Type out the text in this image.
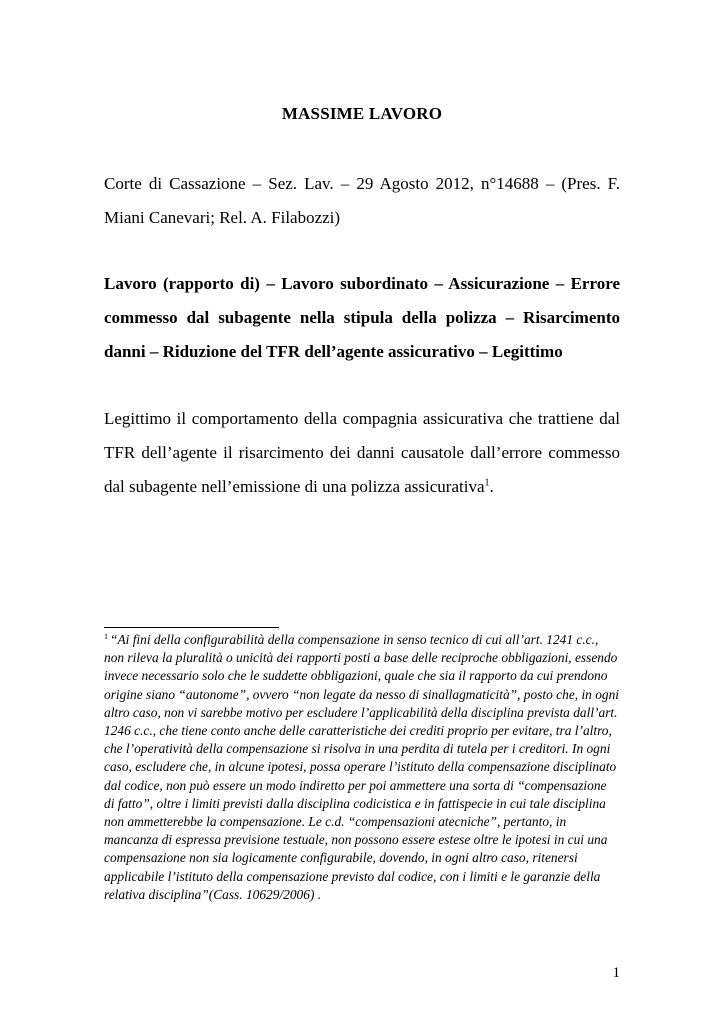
MASSIME LAVORO
Corte di Cassazione – Sez. Lav. – 29 Agosto 2012, n°14688 – (Pres. F. Miani Canevari; Rel. A. Filabozzi)
Lavoro (rapporto di) – Lavoro subordinato – Assicurazione – Errore commesso dal subagente nella stipula della polizza – Risarcimento danni – Riduzione del TFR dell’agente assicurativo – Legittimo
Legittimo il comportamento della compagnia assicurativa che trattiene dal TFR dell’agente il risarcimento dei danni causatole dall’errore commesso dal subagente nell’emissione di una polizza assicurativa$^1$.
$^1$ “Ai fini della configurabilità della compensazione in senso tecnico di cui all’art. 1241 c.c., non rileva la pluralità o unicità dei rapporti posti a base delle reciproche obbligazioni, essendo invece necessario solo che le suddette obbligazioni, quale che sia il rapporto da cui prendono origine siano “autonome”, ovvero “non legate da nesso di sinallagmaticità”, posto che, in ogni altro caso, non vi sarebbe motivo per escludere l’applicabilità della disciplina prevista dall’art. 1246 c.c., che tiene conto anche delle caratteristiche dei crediti proprio per evitare, tra l’altro, che l’operatività della compensazione si risolva in una perdita di tutela per i creditori. In ogni caso, escludere che, in alcune ipotesi, possa operare l’istituto della compensazione disciplinato dal codice, non può essere un modo indiretto per poi ammettere una sorta di “compensazione di fatto”, oltre i limiti previsti dalla disciplina codicistica e in fattispecie in cui tale disciplina non ammetterebbe la compensazione. Le c.d. “compensazioni atecniche”, pertanto, in mancanza di espressa previsione testuale, non possono essere estese oltre le ipotesi in cui una compensazione non sia logicamente configurabile, dovendo, in ogni altro caso, ritenersi applicabile l’istituto della compensazione previsto dal codice, con i limiti e le garanzie della relativa disciplina”(Cass. 10629/2006) .
1
